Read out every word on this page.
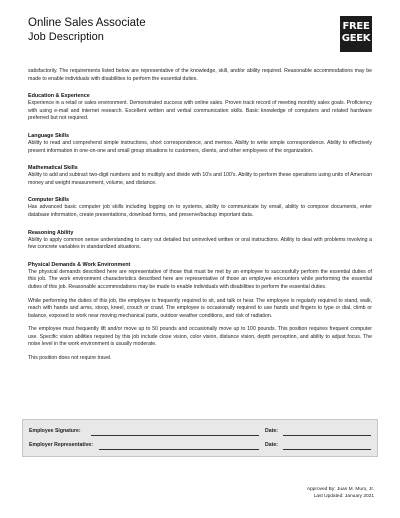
Online Sales Associate
Job Description
FREE
GEEK

satisfactorily. The requirements listed below are representative of the knowledge, skill, and/or ability required. Reasonable accommodations may be made to enable individuals with disabilities to perform the essential duties.

Education & Experience

Experience in a retail or sales environment. Demonstrated success with online sales. Proven track record of meeting monthly sales goals. Proficiency with using e-mail and internet research. Excellent written and verbal communication skills. Basic knowledge of computers and related hardware preferred but not required.

Language Skills

Ability to read and comprehend simple instructions, short correspondence, and memos. Ability to write simple correspondence. Ability to effectively present information in one-on-one and small group situations to customers, clients, and other employees of the organization.

Mathematical Skills

Ability to add and subtract two-digit numbers and to multiply and divide with 10's and 100's. Ability to perform these operations using units of American money and weight measurement, volume, and distance.

Computer Skills

Has advanced basic computer job skills including logging on to systems, ability to communicate by email, ability to compose documents, enter database information, create presentations, download forms, and preserve/backup important data.

Reasoning Ability

Ability to apply common sense understanding to carry out detailed but uninvolved written or oral instructions. Ability to deal with problems involving a few concrete variables in standardized situations.

Physical Demands & Work Environment

The physical demands described here are representative of those that must be met by an employee to successfully perform the essential duties of this job. The work environment characteristics described here are representative of those an employee encounters while performing the essential duties of this job. Reasonable accommodations may be made to enable individuals with disabilities to perform the essential duties.

While performing the duties of this job, the employee is frequently required to sit, and talk or hear. The employee is regularly required to stand, walk, reach with hands and arms, stoop, kneel, crouch or crawl. The employee is occasionally required to use hands and fingers to type or dial, climb or balance, exposed to work near moving mechanical parts, outdoor weather conditions, and risk of radiation.

The employee must frequently lift and/or move up to 50 pounds and occasionally move up to 100 pounds. This position requires frequent computer use. Specific vision abilities required by this job include close vision, color vision, distance vision, depth perception, and ability to adjust focus. The noise level in the work environment is usually moderate.

This position does not require travel.

Employee Signature:	Date:
Employer Representative:	Date:
Approved By: Juan M. Muro, Jr.
Last Updated: January 2021
